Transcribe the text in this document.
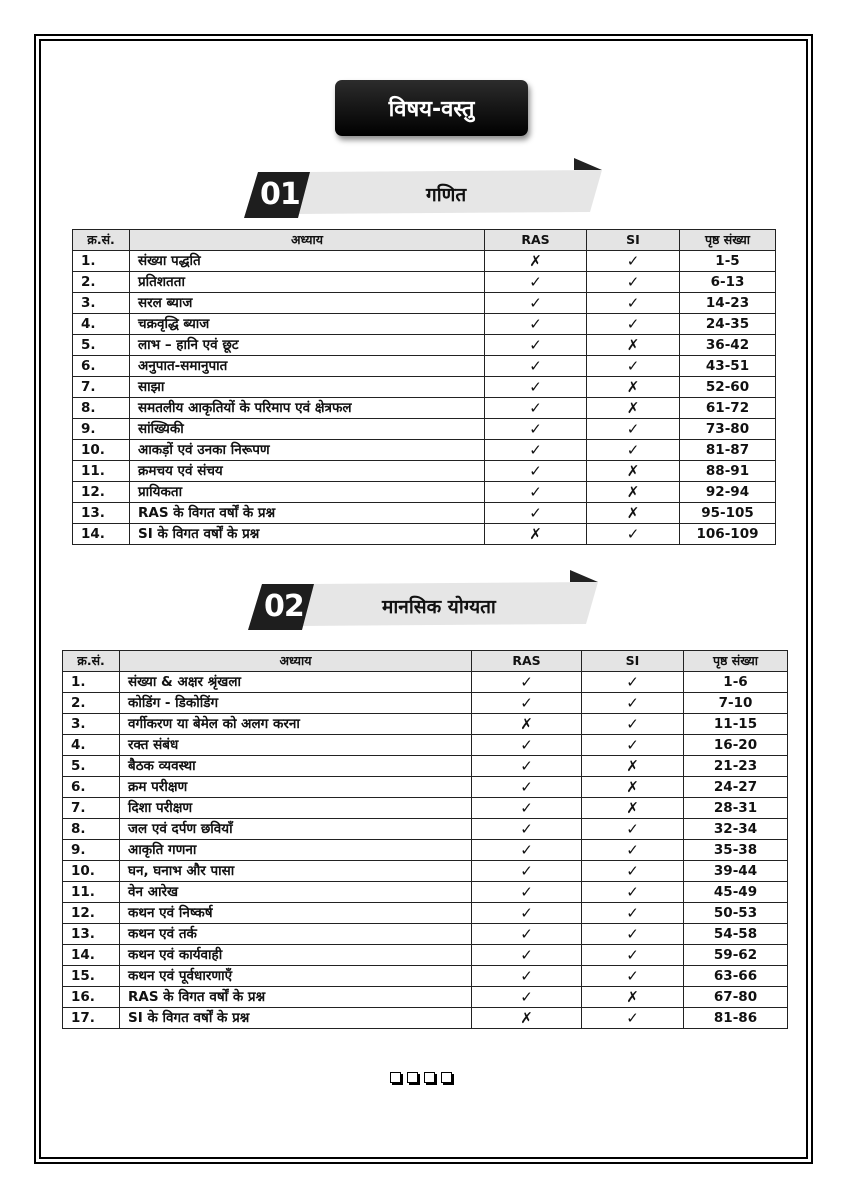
विषय-वस्तु
01	गणित
क्र.सं.	अध्याय	RAS	SI	पृष्ठ संख्या
1.	संख्या पद्धति	✗	✓	1-5
2.	प्रतिशतता	✓	✓	6-13
3.	सरल ब्याज	✓	✓	14-23
4.	चक्रवृद्धि ब्याज	✓	✓	24-35
5.	लाभ – हानि एवं छूट	✓	✗	36-42
6.	अनुपात-समानुपात	✓	✓	43-51
7.	साझा	✓	✗	52-60
8.	समतलीय आकृतियों के परिमाप एवं क्षेत्रफल	✓	✗	61-72
9.	सांख्यिकी	✓	✓	73-80
10.	आकड़ों एवं उनका निरूपण	✓	✓	81-87
11.	क्रमचय एवं संचय	✓	✗	88-91
12.	प्रायिकता	✓	✗	92-94
13.	RAS के विगत वर्षों के प्रश्न	✓	✗	95-105
14.	SI के विगत वर्षों के प्रश्न	✗	✓	106-109
02	मानसिक योग्यता
क्र.सं.	अध्याय	RAS	SI	पृष्ठ संख्या
1.	संख्या & अक्षर श्रृंखला	✓	✓	1-6
2.	कोडिंग - डिकोडिंग	✓	✓	7-10
3.	वर्गीकरण या बेमेल को अलग करना	✗	✓	11-15
4.	रक्त संबंध	✓	✓	16-20
5.	बैठक व्यवस्था	✓	✗	21-23
6.	क्रम परीक्षण	✓	✗	24-27
7.	दिशा परीक्षण	✓	✗	28-31
8.	जल एवं दर्पण छवियाँ	✓	✓	32-34
9.	आकृति गणना	✓	✓	35-38
10.	घन, घनाभ और पासा	✓	✓	39-44
11.	वेन आरेख	✓	✓	45-49
12.	कथन एवं निष्कर्ष	✓	✓	50-53
13.	कथन एवं तर्क	✓	✓	54-58
14.	कथन एवं कार्यवाही	✓	✓	59-62
15.	कथन एवं पूर्वधारणाएँ	✓	✓	63-66
16.	RAS के विगत वर्षों के प्रश्न	✓	✗	67-80
17.	SI के विगत वर्षों के प्रश्न	✗	✓	81-86
